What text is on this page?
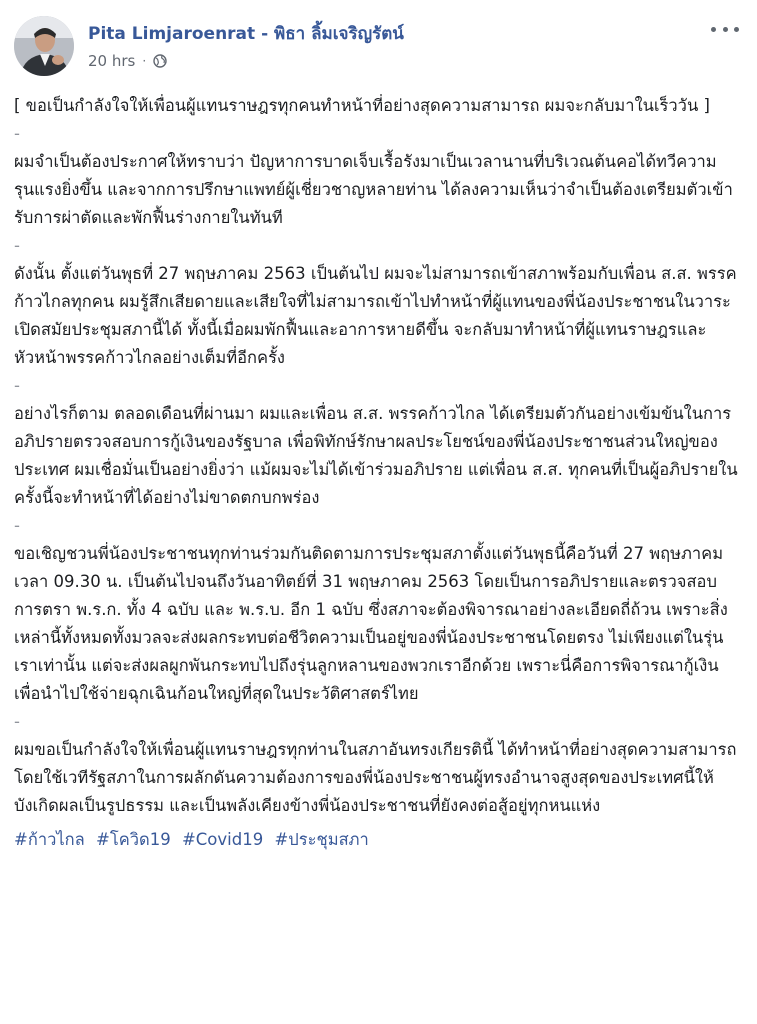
Pita Limjaroenrat - พิธา ลิ้มเจริญรัตน์
20 hrs ·

[ ขอเป็นกำลังใจให้เพื่อนผู้แทนราษฎรทุกคนทำหน้าที่อย่างสุดความสามารถ ผมจะกลับมาในเร็ววัน ]

-

ผมจำเป็นต้องประกาศให้ทราบว่า ปัญหาการบาดเจ็บเรื้อรังมาเป็นเวลานานที่บริเวณต้นคอได้ทวีความรุนแรงยิ่งขึ้น และจากการปรึกษาแพทย์ผู้เชี่ยวชาญหลายท่าน ได้ลงความเห็นว่าจำเป็นต้องเตรียมตัวเข้ารับการผ่าตัดและพักฟื้นร่างกายในทันที

-

ดังนั้น ตั้งแต่วันพุธที่ 27 พฤษภาคม 2563 เป็นต้นไป ผมจะไม่สามารถเข้าสภาพร้อมกับเพื่อน ส.ส. พรรคก้าวไกลทุกคน ผมรู้สึกเสียดายและเสียใจที่ไม่สามารถเข้าไปทำหน้าที่ผู้แทนของพี่น้องประชาชนในวาระเปิดสมัยประชุมสภานี้ได้ ทั้งนี้เมื่อผมพักฟื้นและอาการหายดีขึ้น จะกลับมาทำหน้าที่ผู้แทนราษฎรและหัวหน้าพรรคก้าวไกลอย่างเต็มที่อีกครั้ง

-

อย่างไรก็ตาม ตลอดเดือนที่ผ่านมา ผมและเพื่อน ส.ส. พรรคก้าวไกล ได้เตรียมตัวกันอย่างเข้มข้นในการอภิปรายตรวจสอบการกู้เงินของรัฐบาล เพื่อพิทักษ์รักษาผลประโยชน์ของพี่น้องประชาชนส่วนใหญ่ของประเทศ ผมเชื่อมั่นเป็นอย่างยิ่งว่า แม้ผมจะไม่ได้เข้าร่วมอภิปราย แต่เพื่อน ส.ส. ทุกคนที่เป็นผู้อภิปรายในครั้งนี้จะทำหน้าที่ได้อย่างไม่ขาดตกบกพร่อง

-

ขอเชิญชวนพี่น้องประชาชนทุกท่านร่วมกันติดตามการประชุมสภาตั้งแต่วันพุธนี้คือวันที่ 27 พฤษภาคม เวลา 09.30 น. เป็นต้นไปจนถึงวันอาทิตย์ที่ 31 พฤษภาคม 2563 โดยเป็นการอภิปรายและตรวจสอบการตรา พ.ร.ก. ทั้ง 4 ฉบับ และ พ.ร.บ. อีก 1 ฉบับ ซึ่งสภาจะต้องพิจารณาอย่างละเอียดถี่ถ้วน เพราะสิ่งเหล่านี้ทั้งหมดทั้งมวลจะส่งผลกระทบต่อชีวิตความเป็นอยู่ของพี่น้องประชาชนโดยตรง ไม่เพียงแต่ในรุ่นเราเท่านั้น แต่จะส่งผลผูกพันกระทบไปถึงรุ่นลูกหลานของพวกเราอีกด้วย เพราะนี่คือการพิจารณากู้เงินเพื่อนำไปใช้จ่ายฉุกเฉินก้อนใหญ่ที่สุดในประวัติศาสตร์ไทย

-

ผมขอเป็นกำลังใจให้เพื่อนผู้แทนราษฎรทุกท่านในสภาอันทรงเกียรตินี้ ได้ทำหน้าที่อย่างสุดความสามารถ โดยใช้เวทีรัฐสภาในการผลักดันความต้องการของพี่น้องประชาชนผู้ทรงอำนาจสูงสุดของประเทศนี้ให้บังเกิดผลเป็นรูปธรรม และเป็นพลังเคียงข้างพี่น้องประชาชนที่ยังคงต่อสู้อยู่ทุกหนแห่ง

#ก้าวไกล #โควิด19 #Covid19 #ประชุมสภา
